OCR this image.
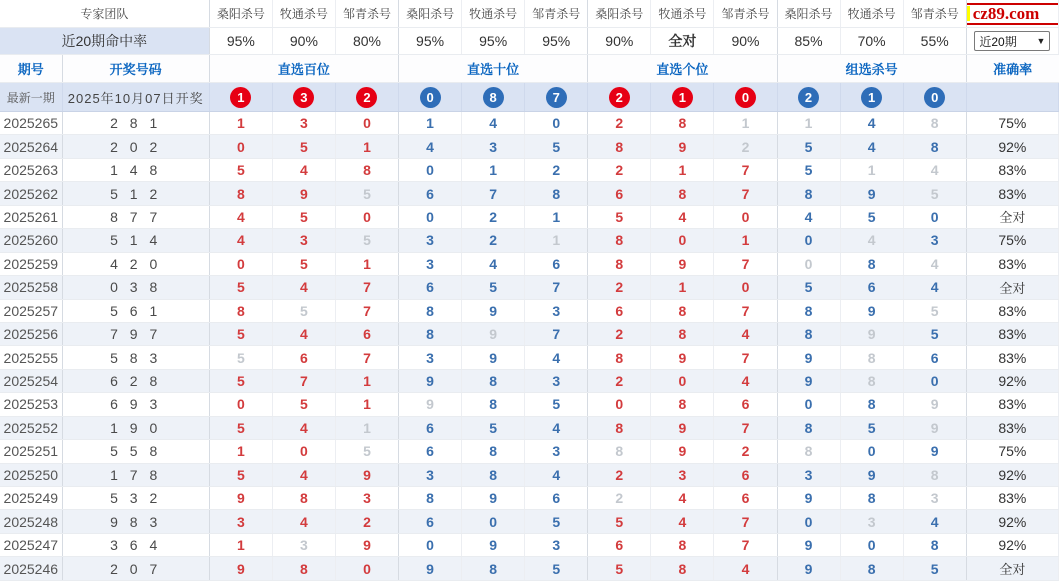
专家团队		桑阳杀号	牧通杀号	邹青杀号	桑阳杀号	牧通杀号	邹青杀号	桑阳杀号	牧通杀号	邹青杀号	桑阳杀号	牧通杀号	邹青杀号	cz89.com

近20期命中率		95%	90%	80%	95%	95%	95%	90%	全对	90%	85%	70%	55%	近20期 ▼

期号	开奖号码	直选百位			直选十位			直选个位			组选杀号			准确率
最新一期	2025年10月07日开奖	1	3	2	0	8	7	2	1	0	2	1	0	
2025265	2 8 1	1	3	0	1	4	0	2	8	1	1	4	8	75%
2025264	2 0 2	0	5	1	4	3	5	8	9	2	5	4	8	92%
2025263	1 4 8	5	4	8	0	1	2	2	1	7	5	1	4	83%
2025262	5 1 2	8	9	5	6	7	8	6	8	7	8	9	5	83%
2025261	8 7 7	4	5	0	0	2	1	5	4	0	4	5	0	全对
2025260	5 1 4	4	3	5	3	2	1	8	0	1	0	4	3	75%
2025259	4 2 0	0	5	1	3	4	6	8	9	7	0	8	4	83%
2025258	0 3 8	5	4	7	6	5	7	2	1	0	5	6	4	全对
2025257	5 6 1	8	5	7	8	9	3	6	8	7	8	9	5	83%
2025256	7 9 7	5	4	6	8	9	7	2	8	4	8	9	5	83%
2025255	5 8 3	5	6	7	3	9	4	8	9	7	9	8	6	83%
2025254	6 2 8	5	7	1	9	8	3	2	0	4	9	8	0	92%
2025253	6 9 3	0	5	1	9	8	5	0	8	6	0	8	9	83%
2025252	1 9 0	5	4	1	6	5	4	8	9	7	8	5	9	83%
2025251	5 5 8	1	0	5	6	8	3	8	9	2	8	0	9	75%
2025250	1 7 8	5	4	9	3	8	4	2	3	6	3	9	8	92%
2025249	5 3 2	9	8	3	8	9	6	2	4	6	9	8	3	83%
2025248	9 8 3	3	4	2	6	0	5	5	4	7	0	3	4	92%
2025247	3 6 4	1	3	9	0	9	3	6	8	7	9	0	8	92%
2025246	2 0 7	9	8	0	9	8	5	5	8	4	9	8	5	全对
